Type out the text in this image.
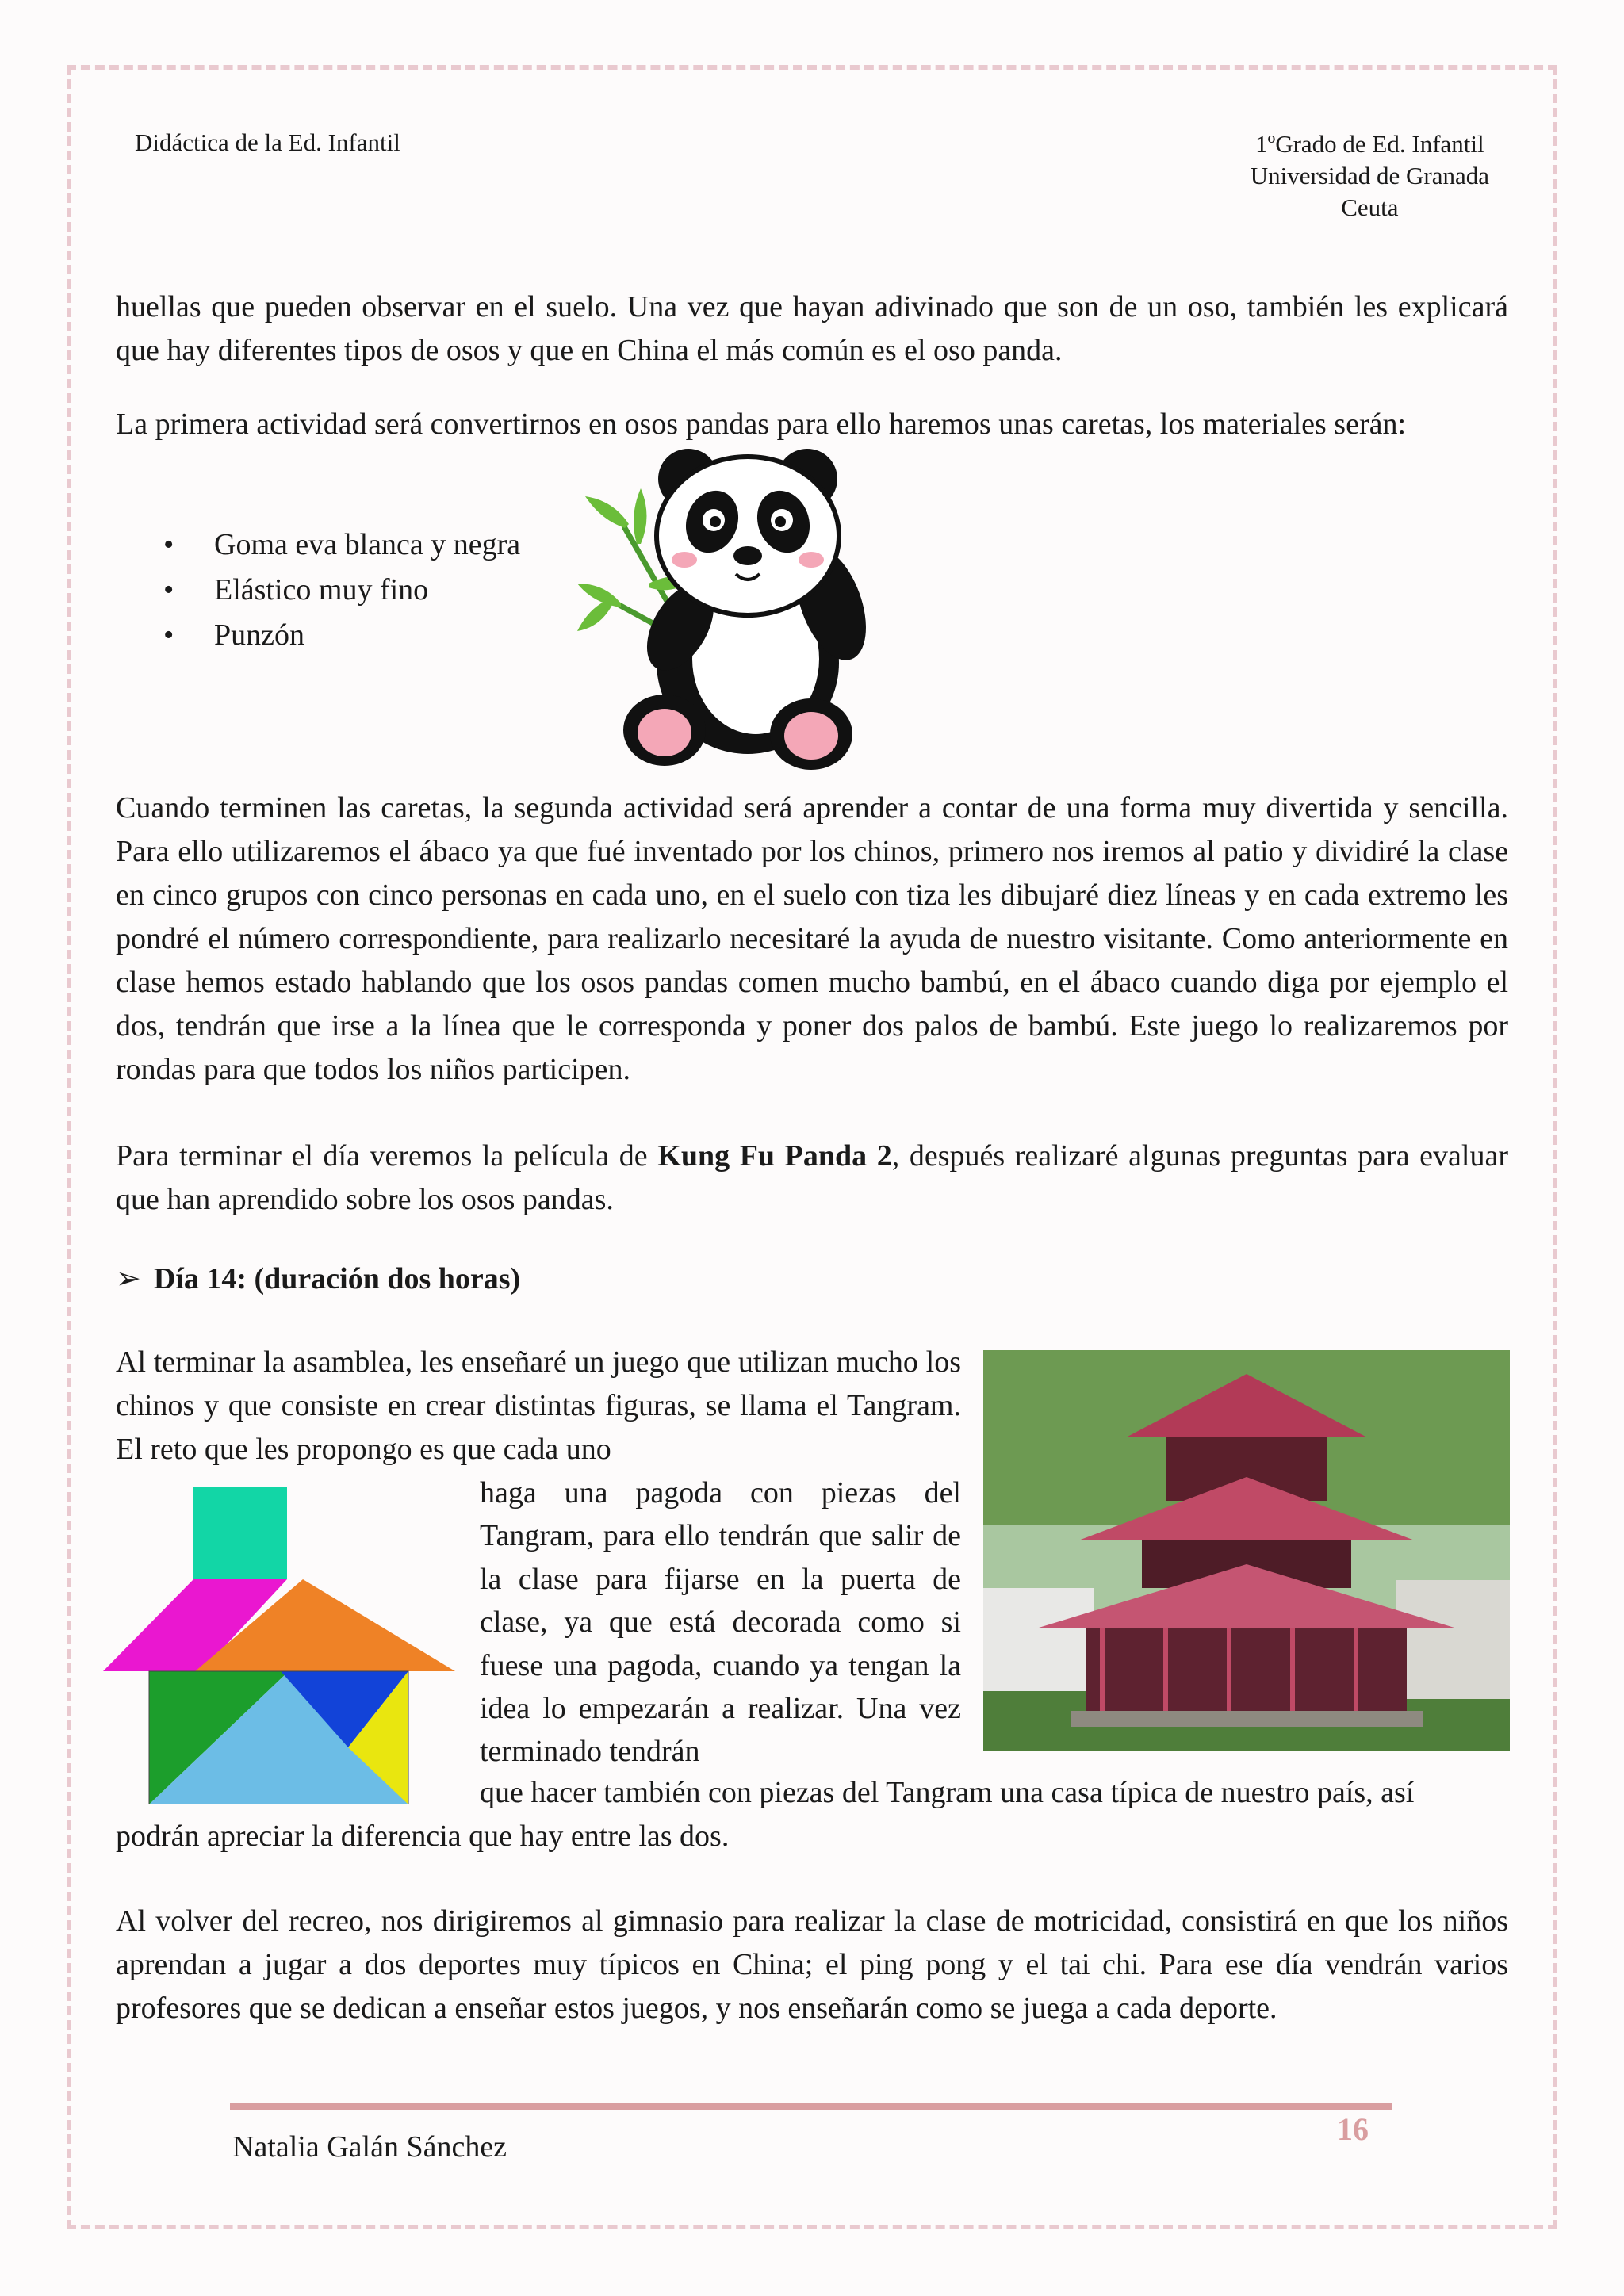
Didáctica de la Ed. Infantil	1ºGrado de Ed. Infantil
Universidad de Granada
Ceuta

huellas que pueden observar en el suelo. Una vez que hayan adivinado que son de un oso, también les explicará que hay diferentes tipos de osos y que en China el más común es el oso panda.

La primera actividad será convertirnos en osos pandas para ello haremos unas caretas, los materiales serán:

• Goma eva blanca y negra
• Elástico muy fino
• Punzón

Cuando terminen las caretas, la segunda actividad será aprender a contar de una forma muy divertida y sencilla. Para ello utilizaremos el ábaco ya que fué inventado por los chinos, primero nos iremos al patio y dividiré la clase en cinco grupos con cinco personas en cada uno, en el suelo con tiza les dibujaré diez líneas y en cada extremo les pondré el número correspondiente, para realizarlo necesitaré la ayuda de nuestro visitante. Como anteriormente en clase hemos estado hablando que los osos pandas comen mucho bambú, en el ábaco cuando diga por ejemplo el dos, tendrán que irse a la línea que le corresponda y poner dos palos de bambú. Este juego lo realizaremos por rondas para que todos los niños participen.

Para terminar el día veremos la película de Kung Fu Panda 2, después realizaré algunas preguntas para evaluar que han aprendido sobre los osos pandas.

➢ Día 14: (duración dos horas)

Al terminar la asamblea, les enseñaré un juego que utilizan mucho los chinos y que consiste en crear distintas figuras, se llama el Tangram. El reto que les propongo es que cada uno

haga una pagoda con piezas del Tangram, para ello tendrán que salir de la clase para fijarse en la puerta de clase, ya que está decorada como si fuese una pagoda, cuando ya tengan la idea lo empezarán a realizar. Una vez terminado tendrán

que hacer también con piezas del Tangram una casa típica de nuestro país, así

podrán apreciar la diferencia que hay entre las dos.

Al volver del recreo, nos dirigiremos al gimnasio para realizar la clase de motricidad, consistirá en que los niños aprendan a jugar a dos deportes muy típicos en China; el ping pong y el tai chi. Para ese día vendrán varios profesores que se dedican a enseñar estos juegos, y nos enseñarán como se juega a cada deporte.

Natalia Galán Sánchez	16
